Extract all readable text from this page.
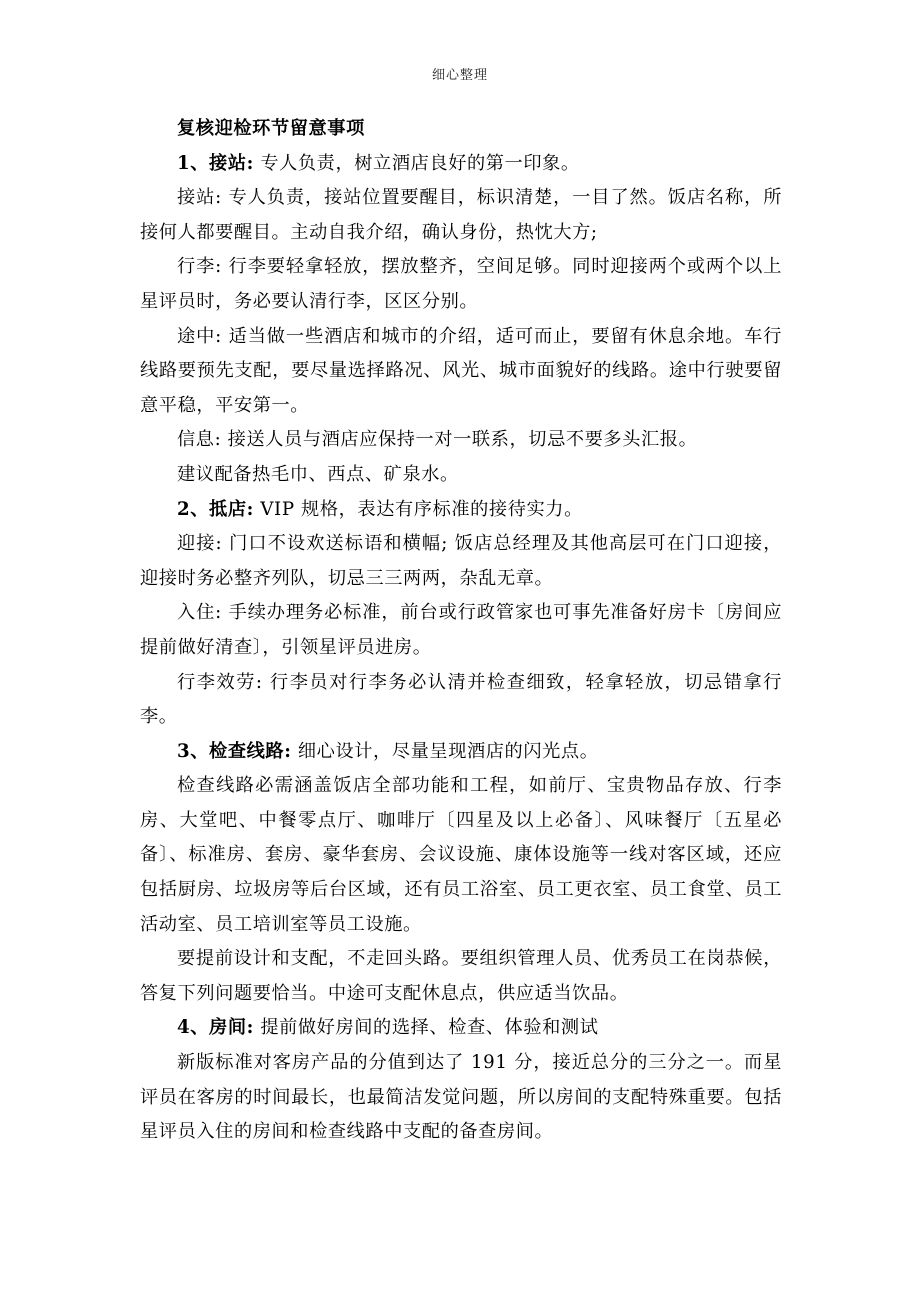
细心整理

复核迎检环节留意事项

1、接站: 专人负责，树立酒店良好的第一印象。

接站: 专人负责，接站位置要醒目，标识清楚，一目了然。饭店名称，所接何人都要醒目。主动自我介绍，确认身份，热忱大方;

行李: 行李要轻拿轻放，摆放整齐，空间足够。同时迎接两个或两个以上星评员时，务必要认清行李，区区分别。

途中: 适当做一些酒店和城市的介绍，适可而止，要留有休息余地。车行线路要预先支配，要尽量选择路况、风光、城市面貌好的线路。途中行驶要留意平稳，平安第一。

信息: 接送人员与酒店应保持一对一联系，切忌不要多头汇报。

建议配备热毛巾、西点、矿泉水。

2、抵店: VIP 规格，表达有序标准的接待实力。

迎接: 门口不设欢送标语和横幅; 饭店总经理及其他高层可在门口迎接，迎接时务必整齐列队，切忌三三两两，杂乱无章。

入住: 手续办理务必标准，前台或行政管家也可事先准备好房卡〔房间应提前做好清查〕，引领星评员进房。

行李效劳: 行李员对行李务必认清并检查细致，轻拿轻放，切忌错拿行李。

3、检查线路: 细心设计，尽量呈现酒店的闪光点。

检查线路必需涵盖饭店全部功能和工程，如前厅、宝贵物品存放、行李房、大堂吧、中餐零点厅、咖啡厅〔四星及以上必备〕、风味餐厅〔五星必备〕、标准房、套房、豪华套房、会议设施、康体设施等一线对客区域，还应包括厨房、垃圾房等后台区域，还有员工浴室、员工更衣室、员工食堂、员工活动室、员工培训室等员工设施。

要提前设计和支配，不走回头路。要组织管理人员、优秀员工在岗恭候，答复下列问题要恰当。中途可支配休息点，供应适当饮品。

4、房间: 提前做好房间的选择、检查、体验和测试

新版标准对客房产品的分值到达了 191 分，接近总分的三分之一。而星评员在客房的时间最长，也最简洁发觉问题，所以房间的支配特殊重要。包括星评员入住的房间和检查线路中支配的备查房间。
